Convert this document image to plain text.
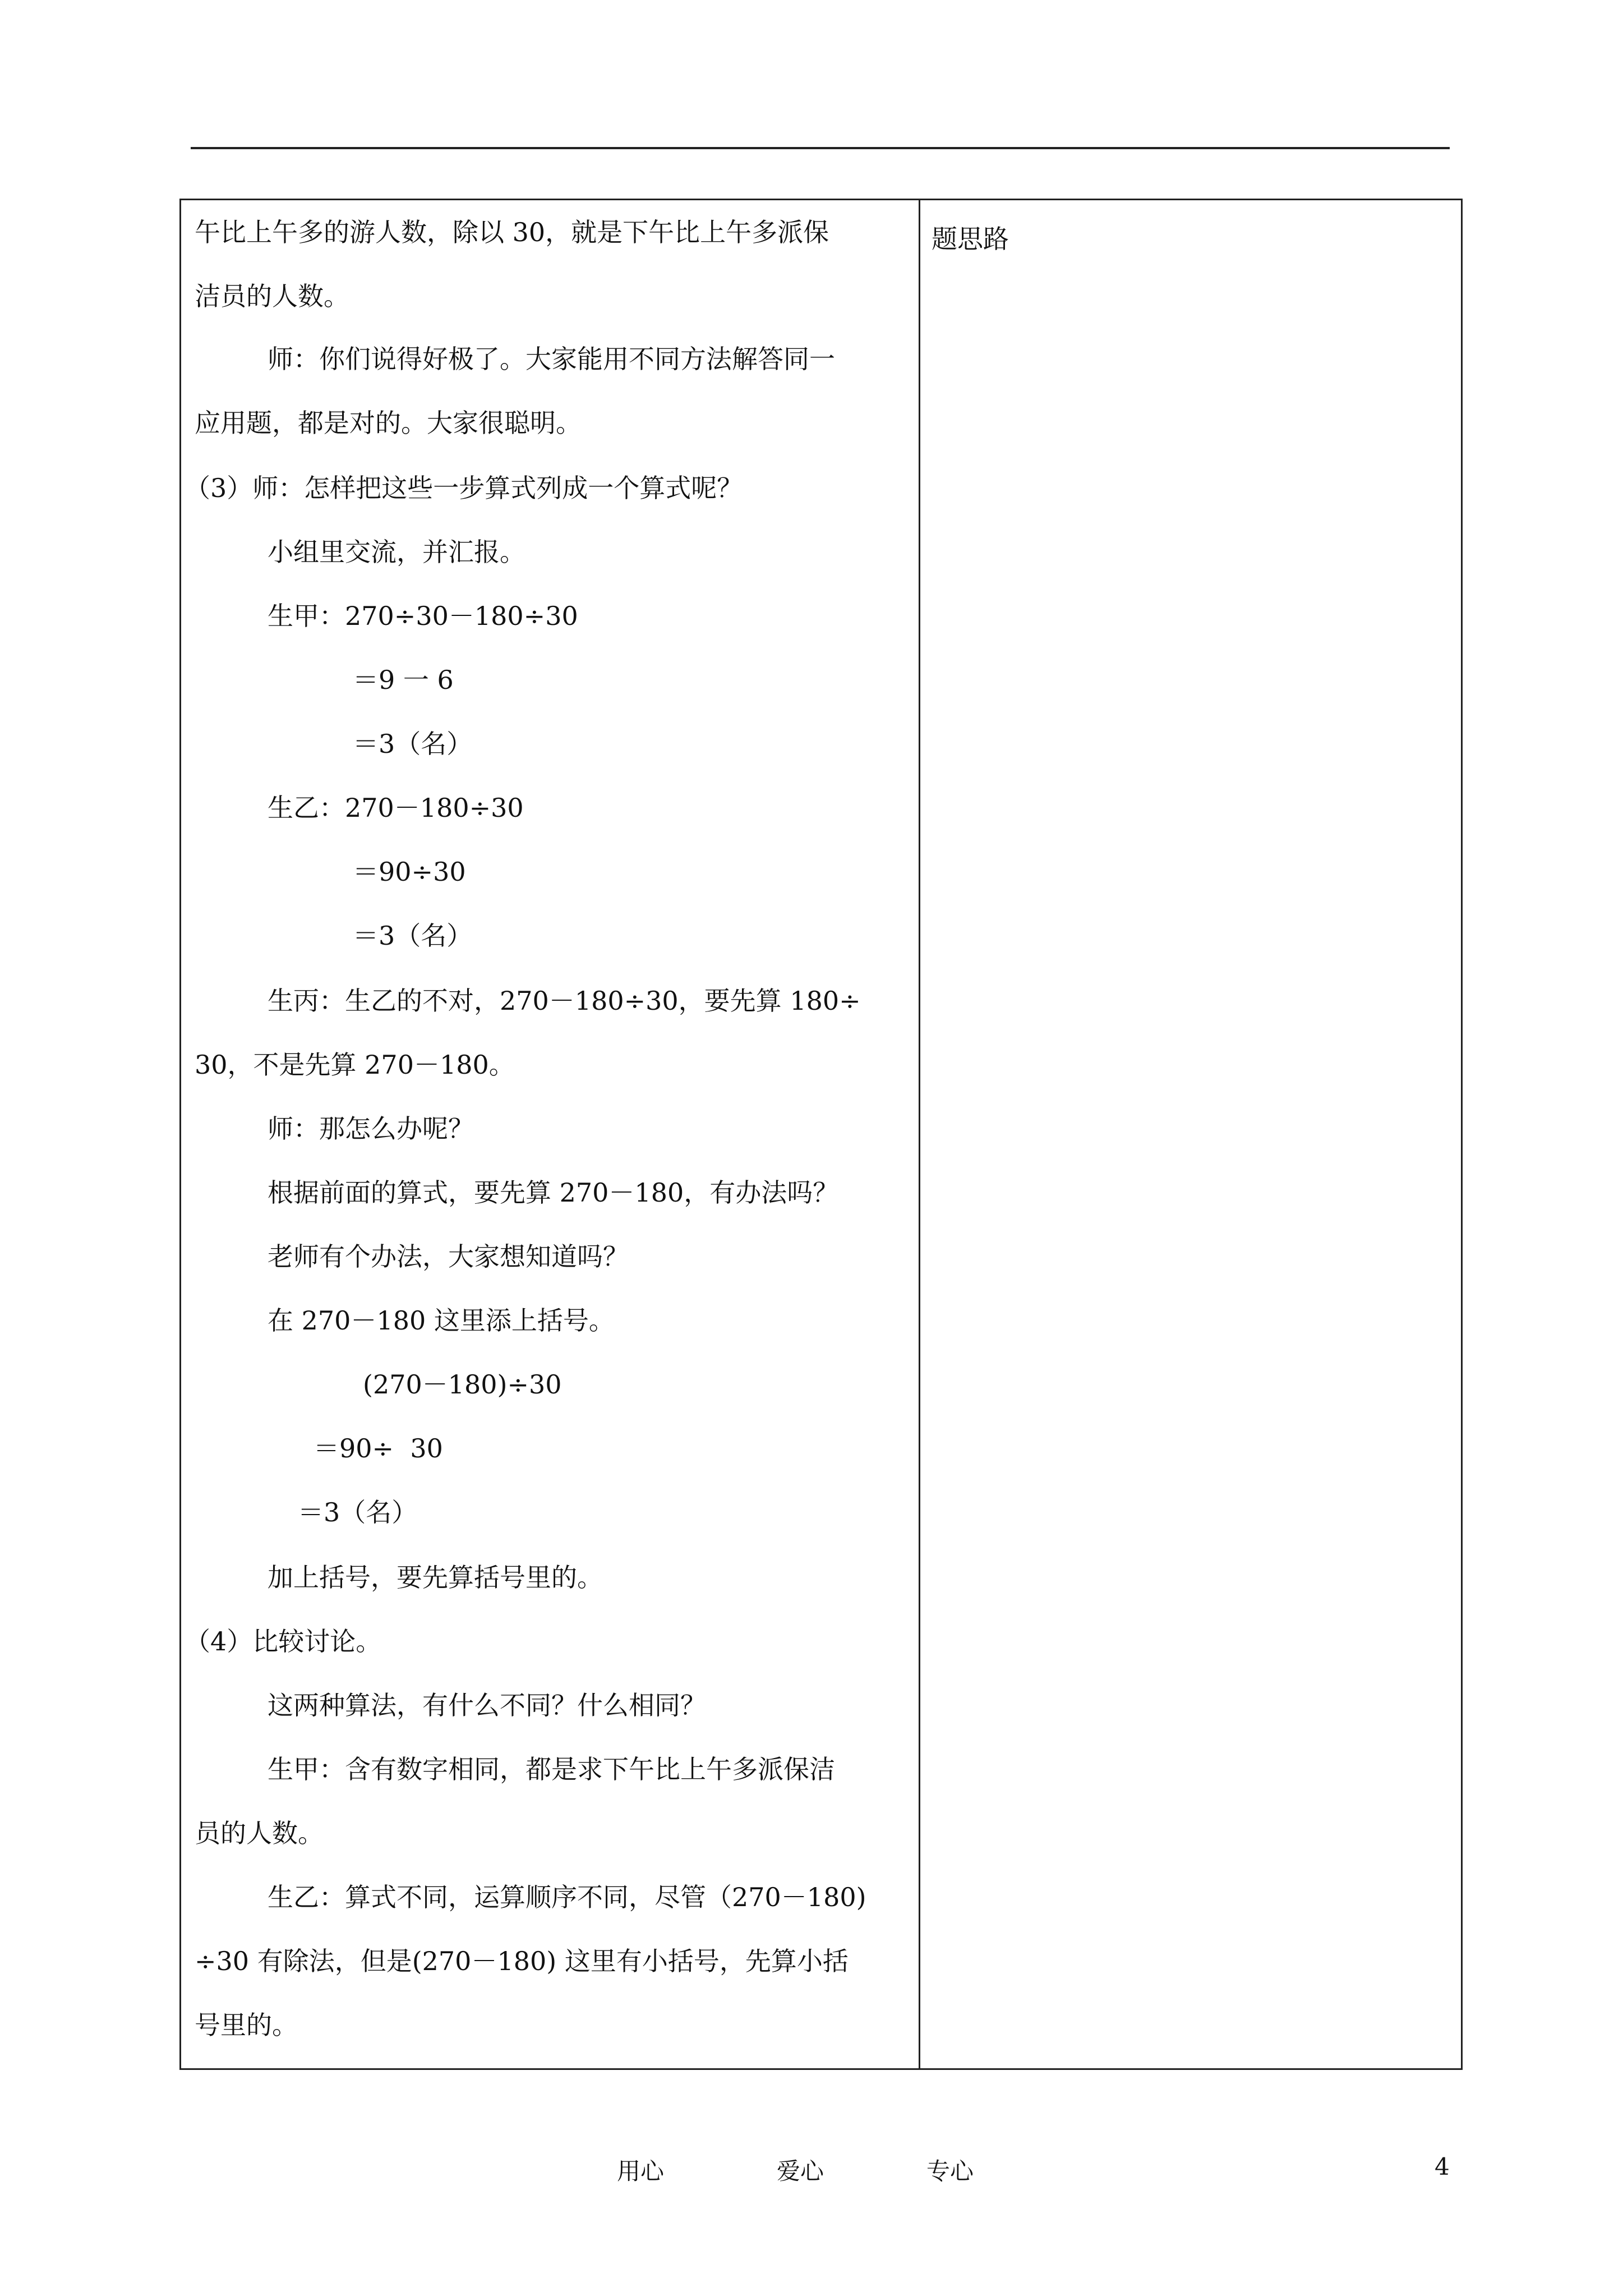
午比上午多的游人数，除以 30，就是下午比上午多派保
洁员的人数。
师：你们说得好极了。大家能用不同方法解答同一
应用题，都是对的。大家很聪明。
（3）师：怎样把这些一步算式列成一个算式呢？
小组里交流，并汇报。
生甲：270÷30－180÷30
＝9 一 6
＝3（名）
生乙：270－180÷30
＝90÷30
＝3（名）
生丙：生乙的不对，270－180÷30，要先算 180÷
30，不是先算 270－180。
师：那怎么办呢？
根据前面的算式，要先算 270－180，有办法吗？
老师有个办法，大家想知道吗？
在 270－180 这里添上括号。
(270－180)÷30
＝90÷  30
＝3（名）
加上括号，要先算括号里的。
（4）比较讨论。
这两种算法，有什么不同？什么相同？
生甲：含有数字相同，都是求下午比上午多派保洁
员的人数。
生乙：算式不同，运算顺序不同，尽管（270－180)
÷30 有除法，但是(270－180) 这里有小括号，先算小括
号里的。
题思路
用心	爱心	专心	4
